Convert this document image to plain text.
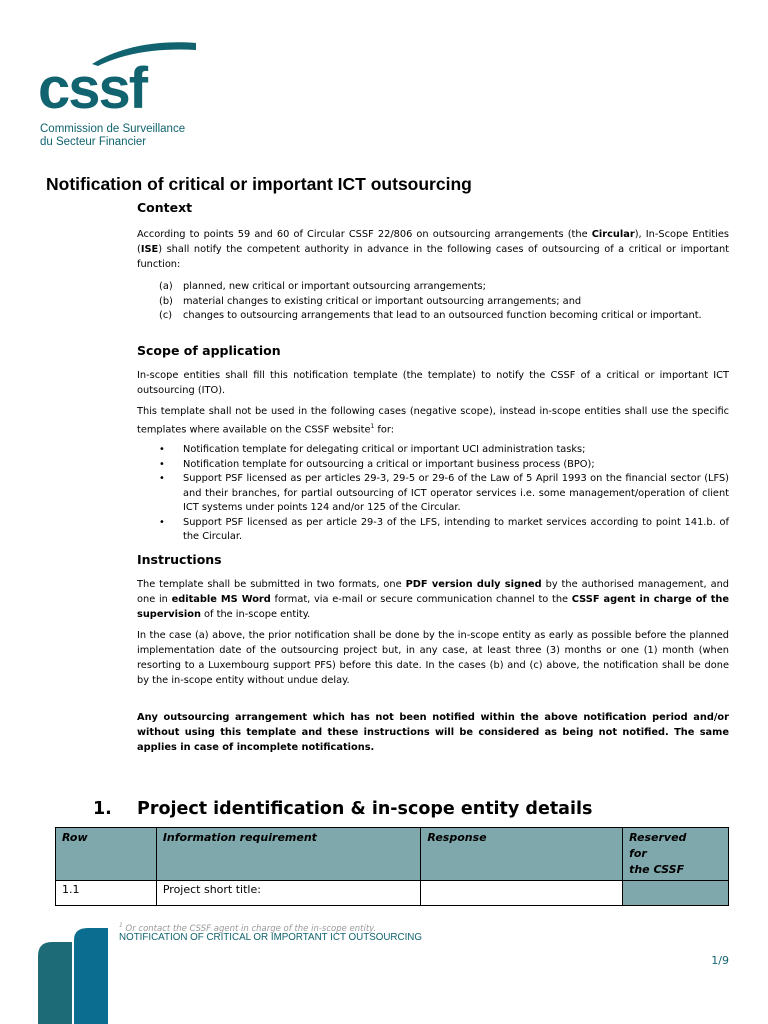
cssf
Commission de Surveillance
du Secteur Financier
Notification of critical or important ICT outsourcing
Context

According to points 59 and 60 of Circular CSSF 22/806 on outsourcing arrangements (the Circular), In-Scope Entities (ISE) shall notify the competent authority in advance in the following cases of outsourcing of a critical or important function:

(a) planned, new critical or important outsourcing arrangements;
(b) material changes to existing critical or important outsourcing arrangements; and
(c) changes to outsourcing arrangements that lead to an outsourced function becoming critical or important.
Scope of application

In-scope entities shall fill this notification template (the template) to notify the CSSF of a critical or important ICT outsourcing (ITO).

This template shall not be used in the following cases (negative scope), instead in-scope entities shall use the specific templates where available on the CSSF website$^1$ for:

• Notification template for delegating critical or important UCI administration tasks;
• Notification template for outsourcing a critical or important business process (BPO);
• Support PSF licensed as per articles 29-3, 29-5 or 29-6 of the Law of 5 April 1993 on the financial sector (LFS) and their branches, for partial outsourcing of ICT operator services i.e. some management/operation of client ICT systems under points 124 and/or 125 of the Circular.
• Support PSF licensed as per article 29-3 of the LFS, intending to market services according to point 141.b. of the Circular.
Instructions

The template shall be submitted in two formats, one PDF version duly signed by the authorised management, and one in editable MS Word format, via e-mail or secure communication channel to the CSSF agent in charge of the supervision of the in-scope entity.

In the case (a) above, the prior notification shall be done by the in-scope entity as early as possible before the planned implementation date of the outsourcing project but, in any case, at least three (3) months or one (1) month (when resorting to a Luxembourg support PFS) before this date. In the cases (b) and (c) above, the notification shall be done by the in-scope entity without undue delay.

Any outsourcing arrangement which has not been notified within the above notification period and/or without using this template and these instructions will be considered as being not notified. The same applies in case of incomplete notifications.

1. Project identification & in-scope entity details
Row	Information requirement	Response	Reserved
for
the CSSF

1.1	Project short title:		
$^1$ Or contact the CSSF agent in charge of the in-scope entity.
NOTIFICATION OF CRITICAL OR IMPORTANT ICT OUTSOURCING
1/9
